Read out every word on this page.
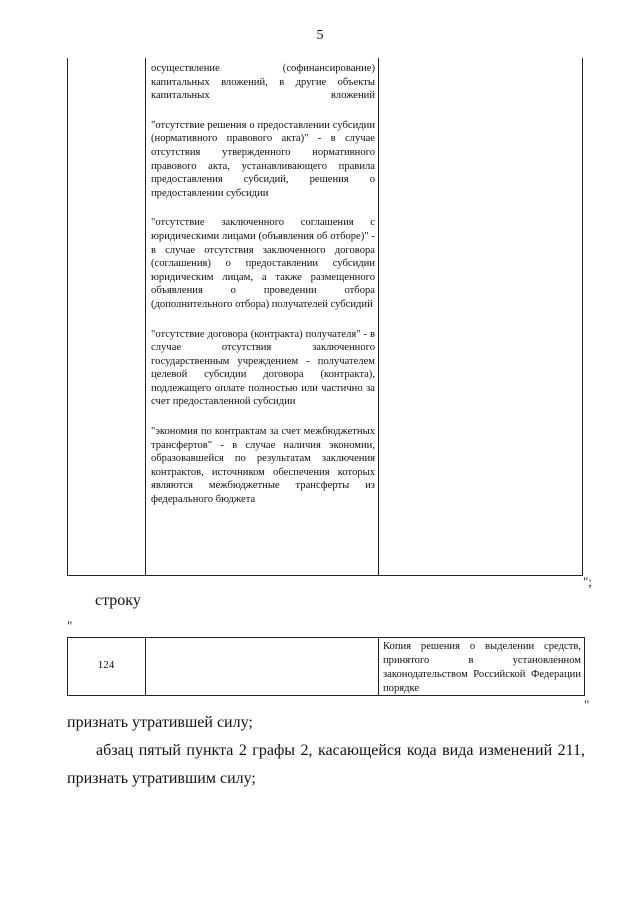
5

осуществление (софинансирование) капитальных вложений, в другие объекты капитальных вложений

"отсутствие решения о предоставлении субсидии (нормативного правового акта)" - в случае отсутствия утвержденного нормативного правового акта, устанавливающего правила предоставления субсидий, решения о предоставлении субсидии

"отсутствие заключенного соглашения с юридическими лицами (объявления об отборе)" - в случае отсутствия заключенного договора (соглашения) о предоставлении субсидии юридическим лицам, а также размещенного объявления о проведении отбора (дополнительного отбора) получателей субсидий

"отсутствие договора (контракта) получателя" - в случае отсутствия заключенного государственным учреждением - получателем целевой субсидии договора (контракта), подлежащего оплате полностью или частично за счет предоставленной субсидии

"экономия по контрактам за счет межбюджетных трансфертов" - в случае наличия экономии, образовавшейся по результатам заключения контрактов, источником обеспечения которых являются межбюджетные трансферты из федерального бюджета

";
строку
"
124
Копия решения о выделении средств, принятого в установленном законодательством Российской Федерации порядке
"
признать утратившей силу;
абзац пятый пункта 2 графы 2, касающейся кода вида изменений 211,
признать утратившим силу;
